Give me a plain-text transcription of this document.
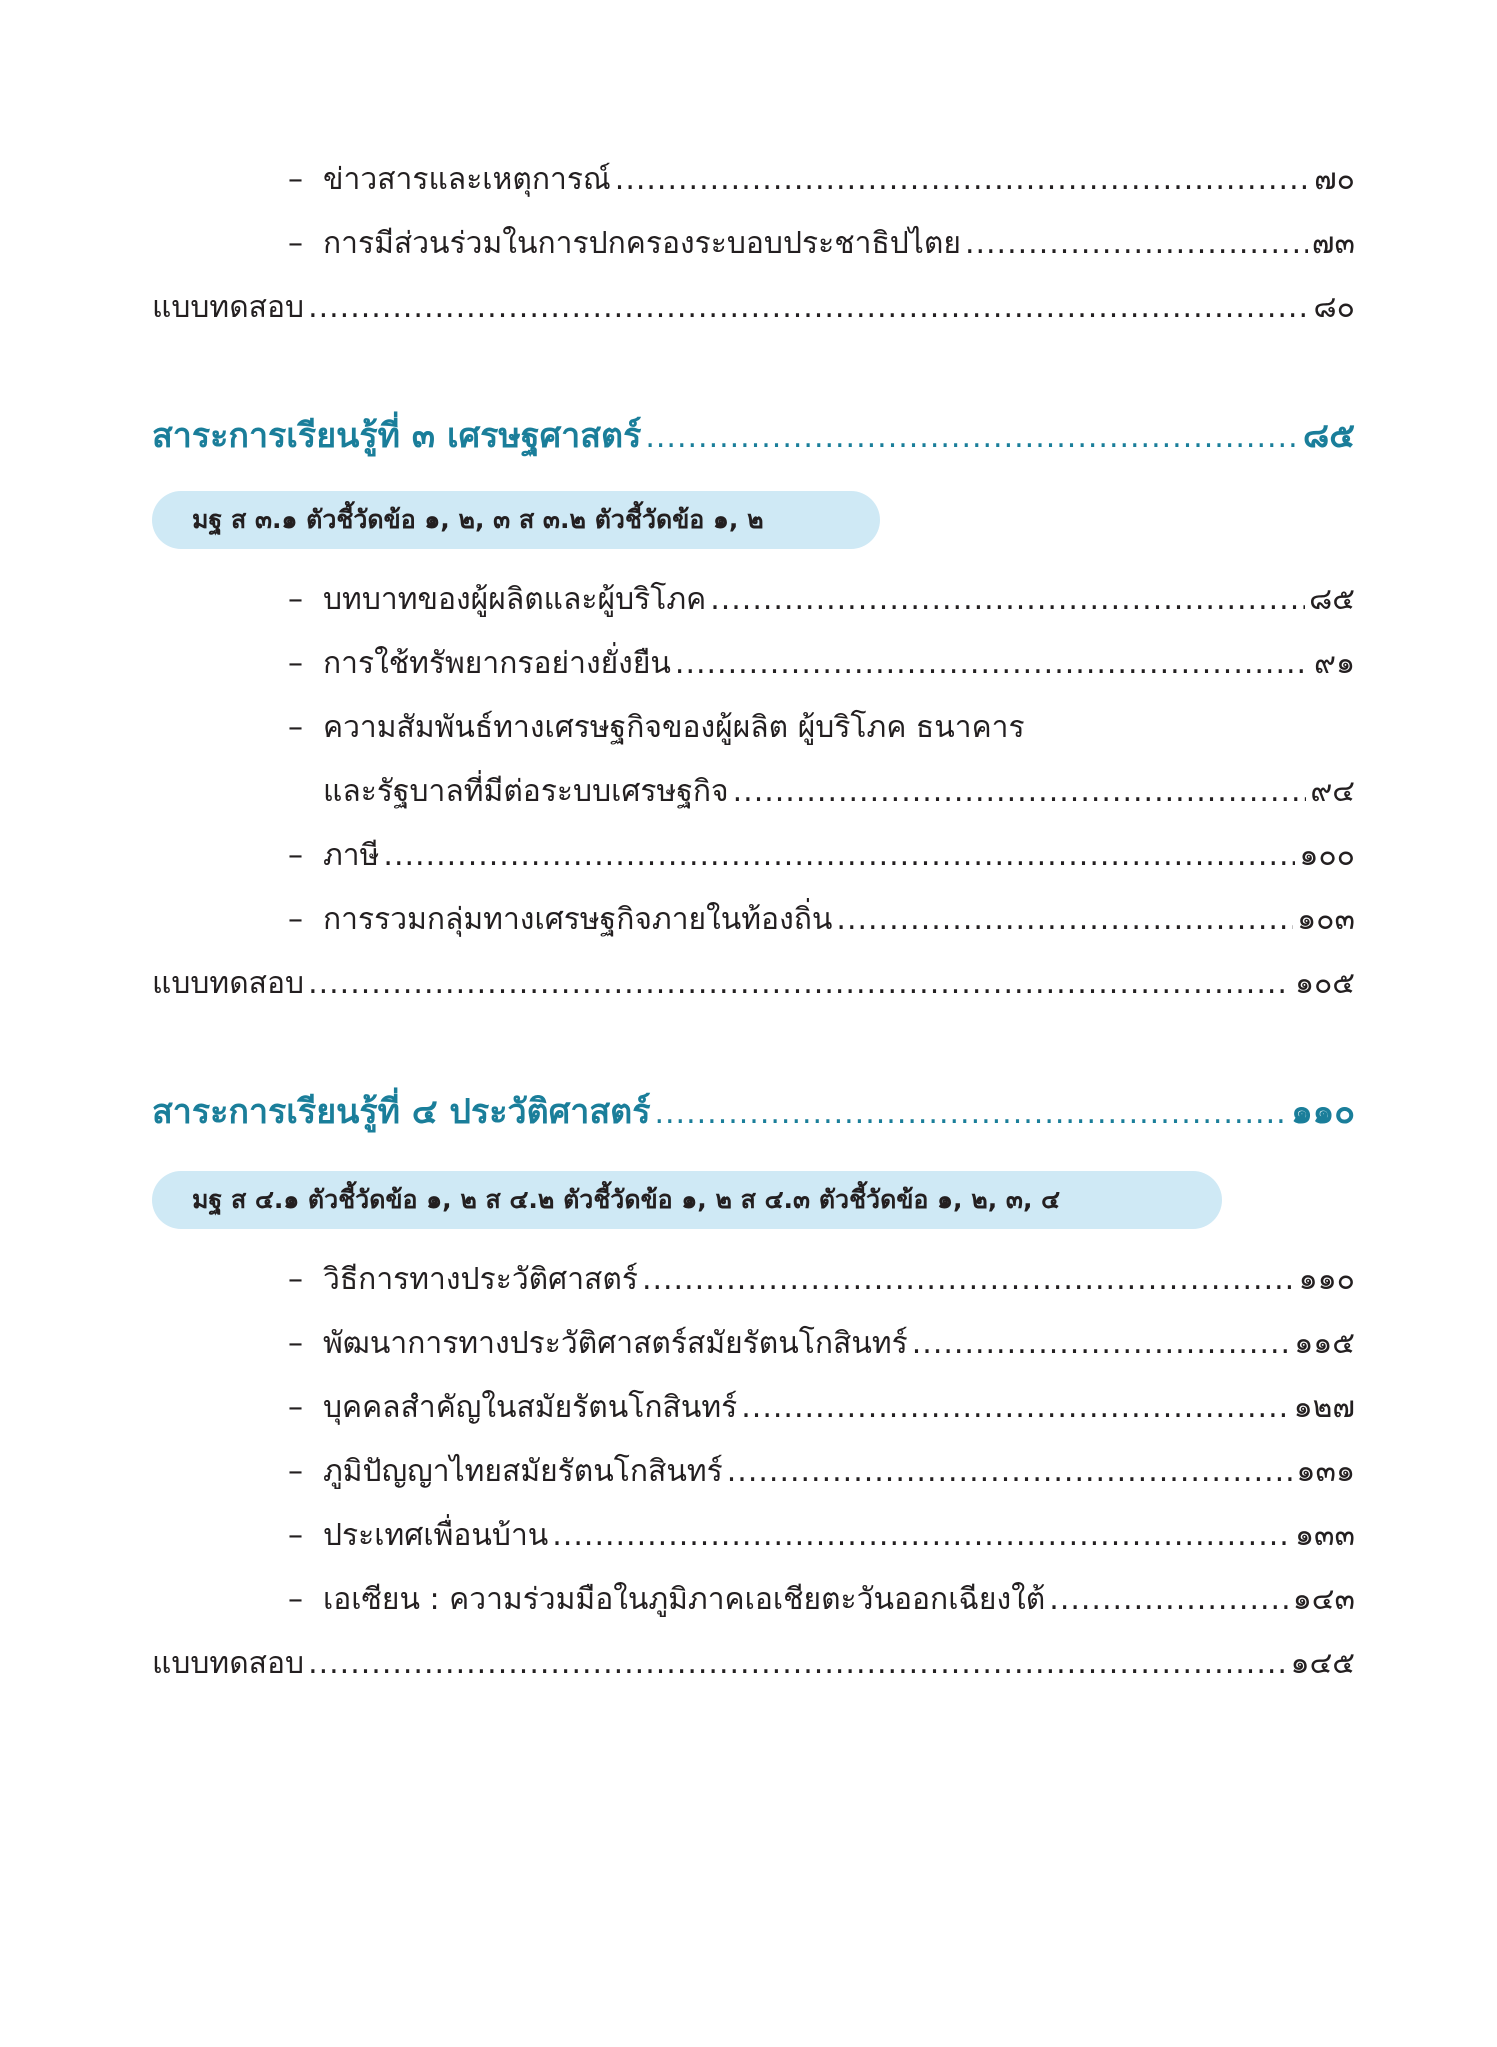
– ข่าวสารและเหตุการณ์ .....	๗๐
– การมีส่วนร่วมในการปกครองระบอบประชาธิปไตย .....	๗๓
แบบทดสอบ .....	๘๐
สาระการเรียนรู้ที่ ๓ เศรษฐศาสตร์ .....	๘๕
มฐ ส ๓.๑ ตัวชี้วัดข้อ ๑, ๒, ๓ ส ๓.๒ ตัวชี้วัดข้อ ๑, ๒
– บทบาทของผู้ผลิตและผู้บริโภค .....	๘๕
– การใช้ทรัพยากรอย่างยั่งยืน .....	๙๑
– ความสัมพันธ์ทางเศรษฐกิจของผู้ผลิต ผู้บริโภค ธนาคาร
และรัฐบาลที่มีต่อระบบเศรษฐกิจ .....	๙๔
– ภาษี .....	๑๐๐
– การรวมกลุ่มทางเศรษฐกิจภายในท้องถิ่น .....	๑๐๓
แบบทดสอบ .....	๑๐๕
สาระการเรียนรู้ที่ ๔ ประวัติศาสตร์ .....	๑๑๐
มฐ ส ๔.๑ ตัวชี้วัดข้อ ๑, ๒ ส ๔.๒ ตัวชี้วัดข้อ ๑, ๒ ส ๔.๓ ตัวชี้วัดข้อ ๑, ๒, ๓, ๔
– วิธีการทางประวัติศาสตร์ .....	๑๑๐
– พัฒนาการทางประวัติศาสตร์สมัยรัตนโกสินทร์ .....	๑๑๕
– บุคคลสำคัญในสมัยรัตนโกสินทร์ .....	๑๒๗
– ภูมิปัญญาไทยสมัยรัตนโกสินทร์ .....	๑๓๑
– ประเทศเพื่อนบ้าน .....	๑๓๓
– เอเซียน : ความร่วมมือในภูมิภาคเอเชียตะวันออกเฉียงใต้ .....	๑๔๓
แบบทดสอบ .....	๑๔๕
